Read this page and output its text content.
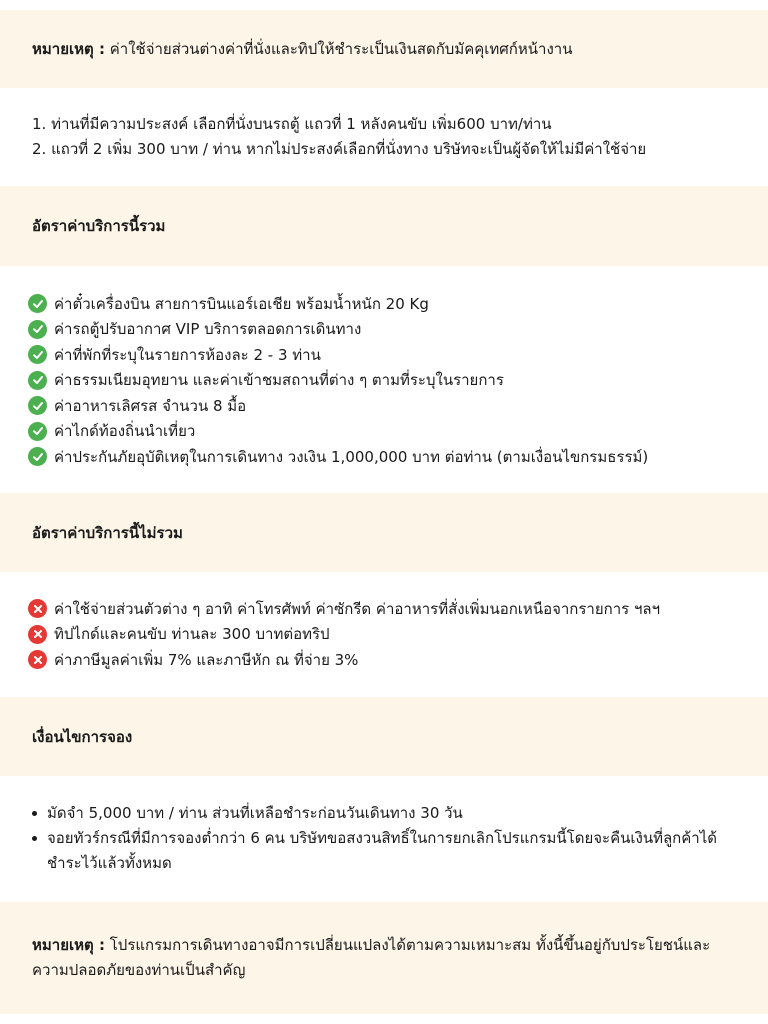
หมายเหตุ : ค่าใช้จ่ายส่วนต่างค่าที่นั่งและทิปให้ชำระเป็นเงินสดกับมัคคุเทศก์หน้างาน
1. ท่านที่มีความประสงค์ เลือกที่นั่งบนรถตู้ แถวที่ 1 หลังคนขับ เพิ่ม600 บาท/ท่าน
2. แถวที่ 2 เพิ่ม 300 บาท / ท่าน หากไม่ประสงค์เลือกที่นั่งทาง บริษัทจะเป็นผู้จัดให้ไม่มีค่าใช้จ่าย
อัตราค่าบริการนี้รวม
ค่าตั๋วเครื่องบิน สายการบินแอร์เอเชีย พร้อมน้ำหนัก 20 Kg
ค่ารถตู้ปรับอากาศ VIP บริการตลอดการเดินทาง
ค่าที่พักที่ระบุในรายการห้องละ 2 - 3 ท่าน
ค่าธรรมเนียมอุทยาน และค่าเข้าชมสถานที่ต่าง ๆ ตามที่ระบุในรายการ
ค่าอาหารเลิศรส จำนวน 8 มื้อ
ค่าไกด์ท้องถิ่นนำเที่ยว
ค่าประกันภัยอุบัติเหตุในการเดินทาง วงเงิน 1,000,000 บาท ต่อท่าน (ตามเงื่อนไขกรมธรรม์)
อัตราค่าบริการนี้ไม่รวม
ค่าใช้จ่ายส่วนตัวต่าง ๆ อาทิ ค่าโทรศัพท์ ค่าซักรีด ค่าอาหารที่สั่งเพิ่มนอกเหนือจากรายการ ฯลฯ
ทิปไกด์และคนขับ ท่านละ 300 บาทต่อทริป
ค่าภาษีมูลค่าเพิ่ม 7% และภาษีหัก ณ ที่จ่าย 3%
เงื่อนไขการจอง
มัดจำ 5,000 บาท / ท่าน ส่วนที่เหลือชำระก่อนวันเดินทาง 30 วัน
จอยทัวร์กรณีที่มีการจองต่ำกว่า 6 คน บริษัทขอสงวนสิทธิ์ในการยกเลิกโปรแกรมนี้โดยจะคืนเงินที่ลูกค้าได้ชำระไว้แล้วทั้งหมด
หมายเหตุ : โปรแกรมการเดินทางอาจมีการเปลี่ยนแปลงได้ตามความเหมาะสม ทั้งนี้ขึ้นอยู่กับประโยชน์และความปลอดภัยของท่านเป็นสำคัญ
